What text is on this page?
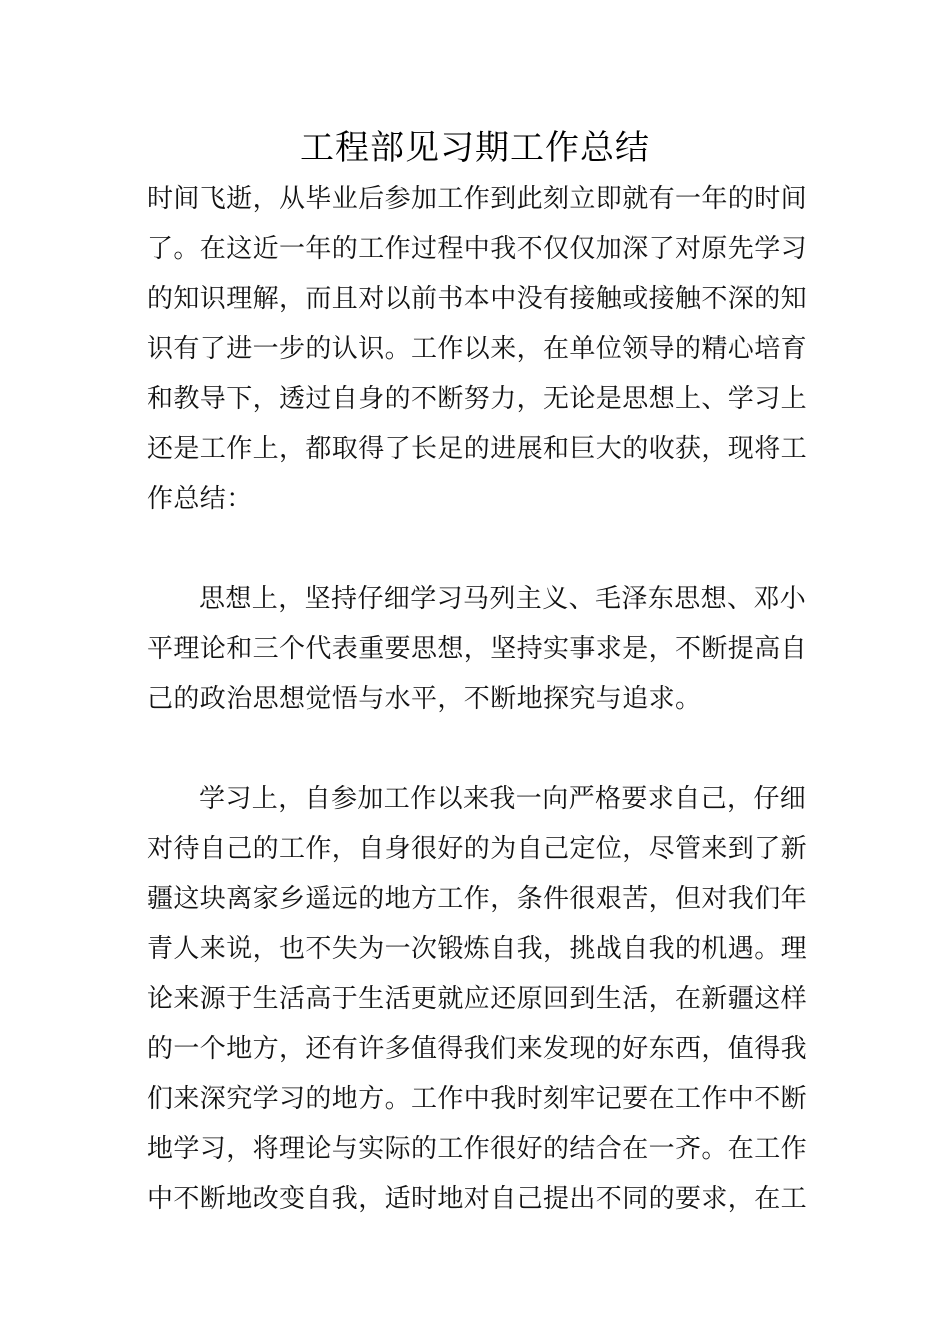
工程部见习期工作总结
时间飞逝，从毕业后参加工作到此刻立即就有一年的时间
了。在这近一年的工作过程中我不仅仅加深了对原先学习
的知识理解，而且对以前书本中没有接触或接触不深的知
识有了进一步的认识。工作以来，在单位领导的精心培育
和教导下，透过自身的不断努力，无论是思想上、学习上
还是工作上，都取得了长足的进展和巨大的收获，现将工
作总结：
思想上，坚持仔细学习马列主义、毛泽东思想、邓小
平理论和三个代表重要思想，坚持实事求是，不断提高自
己的政治思想觉悟与水平，不断地探究与追求。
学习上，自参加工作以来我一向严格要求自己，仔细
对待自己的工作，自身很好的为自己定位，尽管来到了新
疆这块离家乡遥远的地方工作，条件很艰苦，但对我们年
青人来说，也不失为一次锻炼自我，挑战自我的机遇。理
论来源于生活高于生活更就应还原回到生活，在新疆这样
的一个地方，还有许多值得我们来发现的好东西，值得我
们来深究学习的地方。工作中我时刻牢记要在工作中不断
地学习，将理论与实际的工作很好的结合在一齐。在工作
中不断地改变自我，适时地对自己提出不同的要求，在工
